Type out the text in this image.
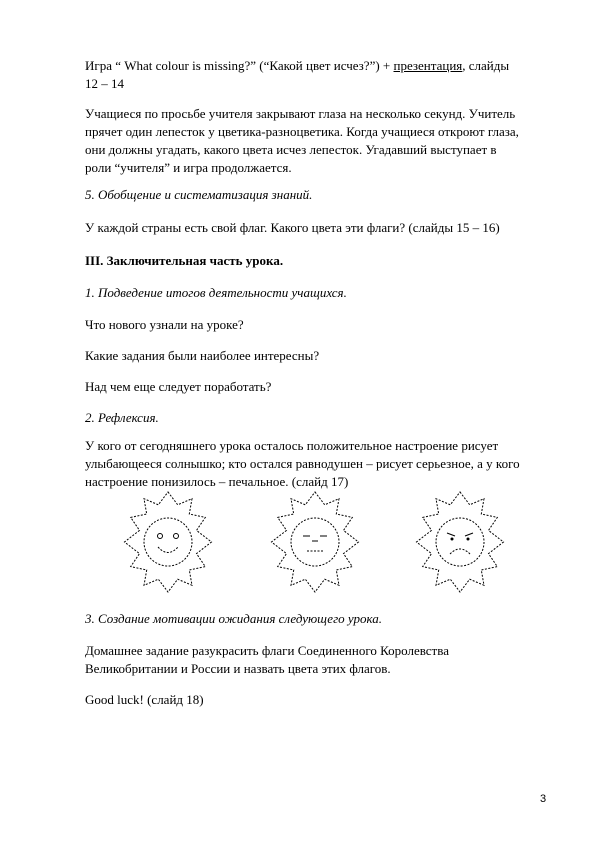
Игра “ What colour is missing?” (“Какой цвет исчез?”) + презентация, слайды
12 – 14

Учащиеся по просьбе учителя закрывают глаза на несколько секунд. Учитель
прячет один лепесток у цветика-разноцветика. Когда учащиеся откроют глаза,
они должны угадать, какого цвета исчез лепесток. Угадавший выступает в
роли “учителя” и игра продолжается.

5. Обобщение и систематизация знаний.

У каждой страны есть свой флаг. Какого цвета эти флаги? (слайды 15 – 16)

III. Заключительная часть урока.

1. Подведение итогов деятельности учащихся.

Что нового узнали на уроке?

Какие задания были наиболее интересны?

Над чем еще следует поработать?

2. Рефлексия.

У кого от сегодняшнего урока осталось положительное настроение рисует
улыбающееся солнышко; кто остался равнодушен – рисует серьезное, а у кого
настроение понизилось – печальное. (слайд 17)

3. Создание мотивации ожидания следующего урока.

Домашнее задание разукрасить флаги Соединенного Королевства
Великобритании и России и назвать цвета этих флагов.

Good luck! (слайд 18)

3
